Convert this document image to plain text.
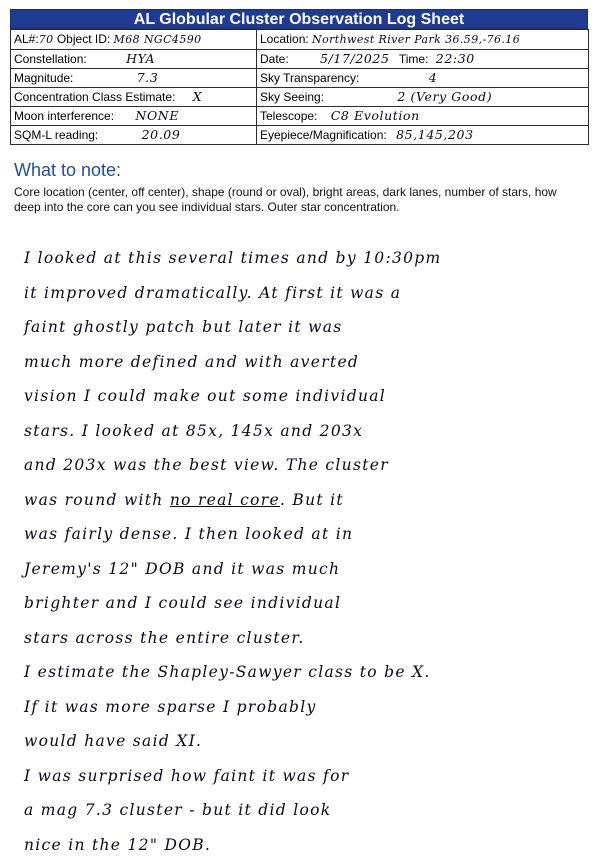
AL Globular Cluster Observation Log Sheet
AL#:70 Object ID: M68 NGC4590	Location: Northwest River Park 36.59,-76.16
Constellation: HYA	Date: 5/17/2025 Time: 22:30
Magnitude: 7.3	Sky Transparency: 4
Concentration Class Estimate: X	Sky Seeing: 2 (Very Good)
Moon interference: NONE	Telescope: C8 Evolution
SQM-L reading: 20.09	Eyepiece/Magnification: 85,145,203
What to note:
Core location (center, off center), shape (round or oval), bright areas, dark lanes, number of stars, how deep into the core can you see individual stars. Outer star concentration.
I looked at this several times and by 10:30pm
it improved dramatically. At first it was a
faint ghostly patch but later it was
much more defined and with averted
vision I could make out some individual
stars. I looked at 85x, 145x and 203x
and 203x was the best view. The cluster
was round with no real core. But it
was fairly dense. I then looked at in
Jeremy's 12" DOB and it was much
brighter and I could see individual
stars across the entire cluster.
I estimate the Shapley-Sawyer class to be X.
If it was more sparse I probably
would have said XI.
I was surprised how faint it was for
a mag 7.3 cluster - but it did look
nice in the 12" DOB.
